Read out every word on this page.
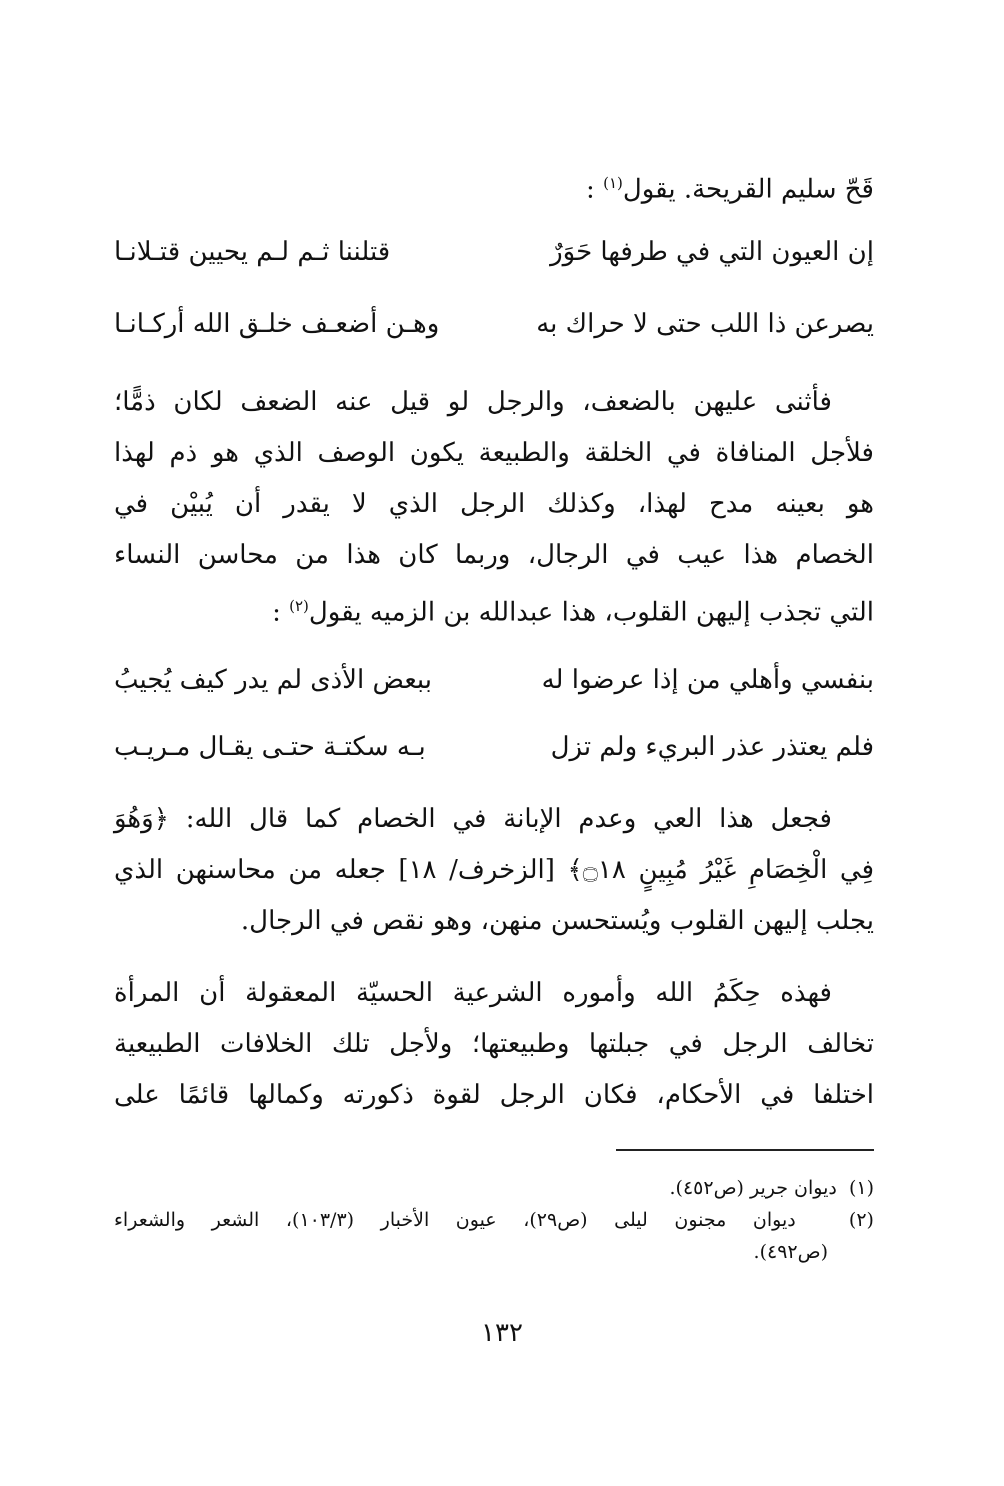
قَحّ سليم القريحة. يقول$^{(١)}$ :

إن العيون التي في طرفها حَوَرٌ
قتلننا ثـم لـم يحيين قتـلانـا
يصرعن ذا اللب حتى لا حراك به
وهـن أضعـف خلـق الله أركـانـا

فأثنى عليهن بالضعف، والرجل لو قيل عنه الضعف لكان ذمًّا؛

فلأجل المنافاة في الخلقة والطبيعة يكون الوصف الذي هو ذم لهذا

هو بعينه مدح لهذا، وكذلك الرجل الذي لا يقدر أن يُبيْن في

الخصام هذا عيب في الرجال، وربما كان هذا من محاسن النساء

التي تجذب إليهن القلوب، هذا عبدالله بن الزميه يقول$^{(٢)}$ :

بنفسي وأهلي من إذا عرضوا له
ببعض الأذى لم يدر كيف يُجيبُ
فلم يعتذر عذر البريء ولم تزل
بـه سكتـة حتـى يقـال مـريـب

فجعل هذا العي وعدم الإبانة في الخصام كما قال الله: ﴿وَهُوَ

فِي الْخِصَامِ غَيْرُ مُبِينٍ ۝١٨﴾ [الزخرف/ ١٨] جعله من محاسنهن الذي

يجلب إليهن القلوب ويُستحسن منهن، وهو نقص في الرجال.

فهذه حِكَمُ الله وأموره الشرعية الحسيّة المعقولة أن المرأة

تخالف الرجل في جبلتها وطبيعتها؛ ولأجل تلك الخلافات الطبيعية

اختلفا في الأحكام، فكان الرجل لقوة ذكورته وكمالها قائمًا على

(١)  ديوان جرير (ص٤٥٢).

(٢)  ديوان مجنون ليلى (ص٢٩)، عيون الأخبار (١٠٣/٣)، الشعر والشعراء

(ص٤٩٢).

١٣٢
